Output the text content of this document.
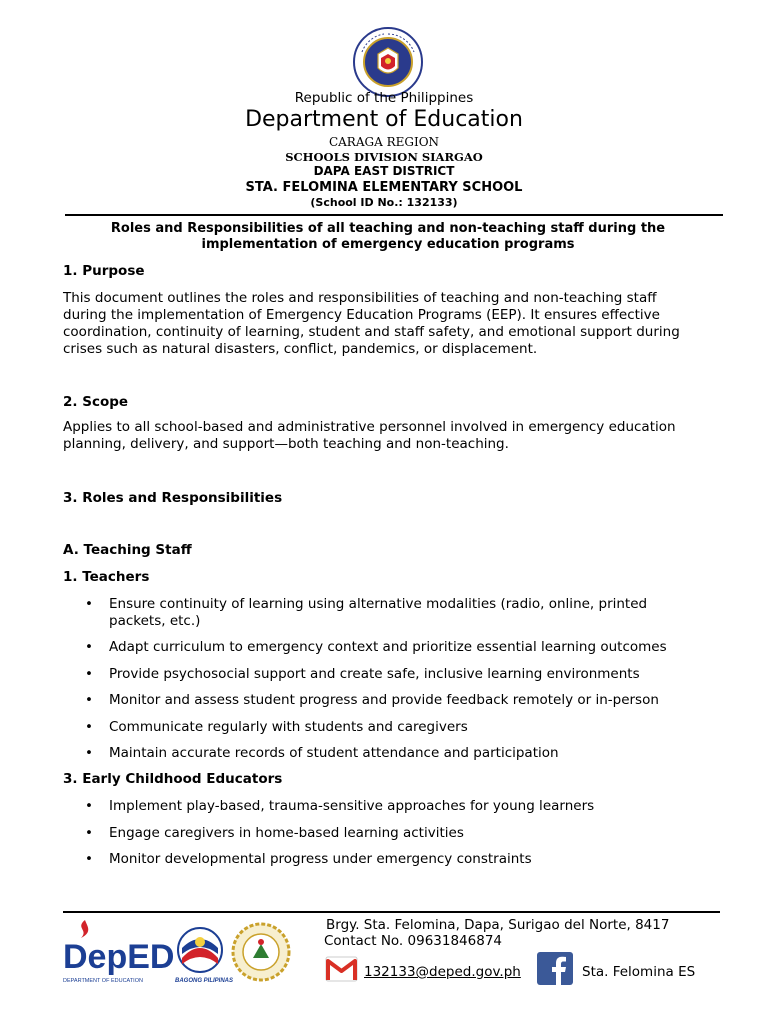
Republic of the Philippines
Department of Education
CARAGA REGION
SCHOOLS DIVISION SIARGAO
DAPA EAST DISTRICT
STA. FELOMINA ELEMENTARY SCHOOL
(School ID No.: 132133)
Roles and Responsibilities of all teaching and non-teaching staff during the
implementation of emergency education programs
1. Purpose
This document outlines the roles and responsibilities of teaching and non-teaching staff
during the implementation of Emergency Education Programs (EEP). It ensures effective
coordination, continuity of learning, student and staff safety, and emotional support during
crises such as natural disasters, conflict, pandemics, or displacement.
2. Scope
Applies to all school-based and administrative personnel involved in emergency education
planning, delivery, and support—both teaching and non-teaching.
3. Roles and Responsibilities
A. Teaching Staff
1. Teachers
• Ensure continuity of learning using alternative modalities (radio, online, printed
packets, etc.)
• Adapt curriculum to emergency context and prioritize essential learning outcomes
• Provide psychosocial support and create safe, inclusive learning environments
• Monitor and assess student progress and provide feedback remotely or in-person
• Communicate regularly with students and caregivers
• Maintain accurate records of student attendance and participation
3. Early Childhood Educators
• Implement play-based, trauma-sensitive approaches for young learners
• Engage caregivers in home-based learning activities
• Monitor developmental progress under emergency constraints
DepED
DEPARTMENT OF EDUCATION	BAGONG PILIPINAS
Brgy. Sta. Felomina, Dapa, Surigao del Norte, 8417
Contact No. 09631846874
132133@deped.gov.ph	Sta. Felomina ES
